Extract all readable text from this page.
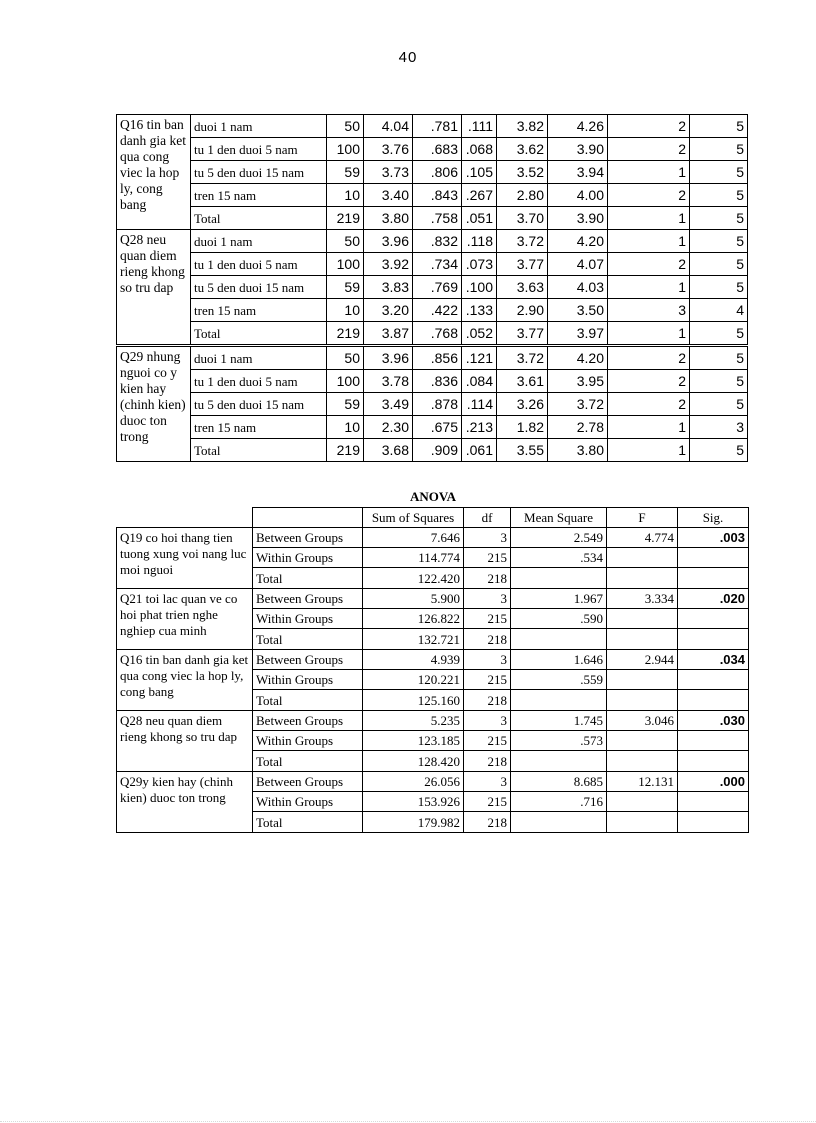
40
Q16 tin ban danh gia ket qua cong viec la hop ly, cong bang	duoi 1 nam	50	4.04	.781	.111	3.82	4.26	2	5
	tu 1 den duoi 5 nam	100	3.76	.683	.068	3.62	3.90	2	5
	tu 5 den duoi 15 nam	59	3.73	.806	.105	3.52	3.94	1	5
	tren 15 nam	10	3.40	.843	.267	2.80	4.00	2	5
	Total	219	3.80	.758	.051	3.70	3.90	1	5
Q28 neu quan diem rieng khong so tru dap	duoi 1 nam	50	3.96	.832	.118	3.72	4.20	1	5
	tu 1 den duoi 5 nam	100	3.92	.734	.073	3.77	4.07	2	5
	tu 5 den duoi 15 nam	59	3.83	.769	.100	3.63	4.03	1	5
	tren 15 nam	10	3.20	.422	.133	2.90	3.50	3	4
	Total	219	3.87	.768	.052	3.77	3.97	1	5
Q29 nhung nguoi co y kien hay (chinh kien) duoc ton trong	duoi 1 nam	50	3.96	.856	.121	3.72	4.20	2	5
	tu 1 den duoi 5 nam	100	3.78	.836	.084	3.61	3.95	2	5
	tu 5 den duoi 15 nam	59	3.49	.878	.114	3.26	3.72	2	5
	tren 15 nam	10	2.30	.675	.213	1.82	2.78	1	3
	Total	219	3.68	.909	.061	3.55	3.80	1	5
ANOVA
		Sum of Squares	df	Mean Square	F	Sig.
Q19 co hoi thang tien tuong xung voi nang luc moi nguoi	Between Groups	7.646	3	2.549	4.774	.003
	Within Groups	114.774	215	.534		
	Total	122.420	218			
Q21 toi lac quan ve co hoi phat trien nghe nghiep cua minh	Between Groups	5.900	3	1.967	3.334	.020
	Within Groups	126.822	215	.590		
	Total	132.721	218			
Q16 tin ban danh gia ket qua cong viec la hop ly, cong bang	Between Groups	4.939	3	1.646	2.944	.034
	Within Groups	120.221	215	.559		
	Total	125.160	218			
Q28 neu quan diem rieng khong so tru dap	Between Groups	5.235	3	1.745	3.046	.030
	Within Groups	123.185	215	.573		
	Total	128.420	218			
Q29y kien hay (chinh kien) duoc ton trong	Between Groups	26.056	3	8.685	12.131	.000
	Within Groups	153.926	215	.716		
	Total	179.982	218			
